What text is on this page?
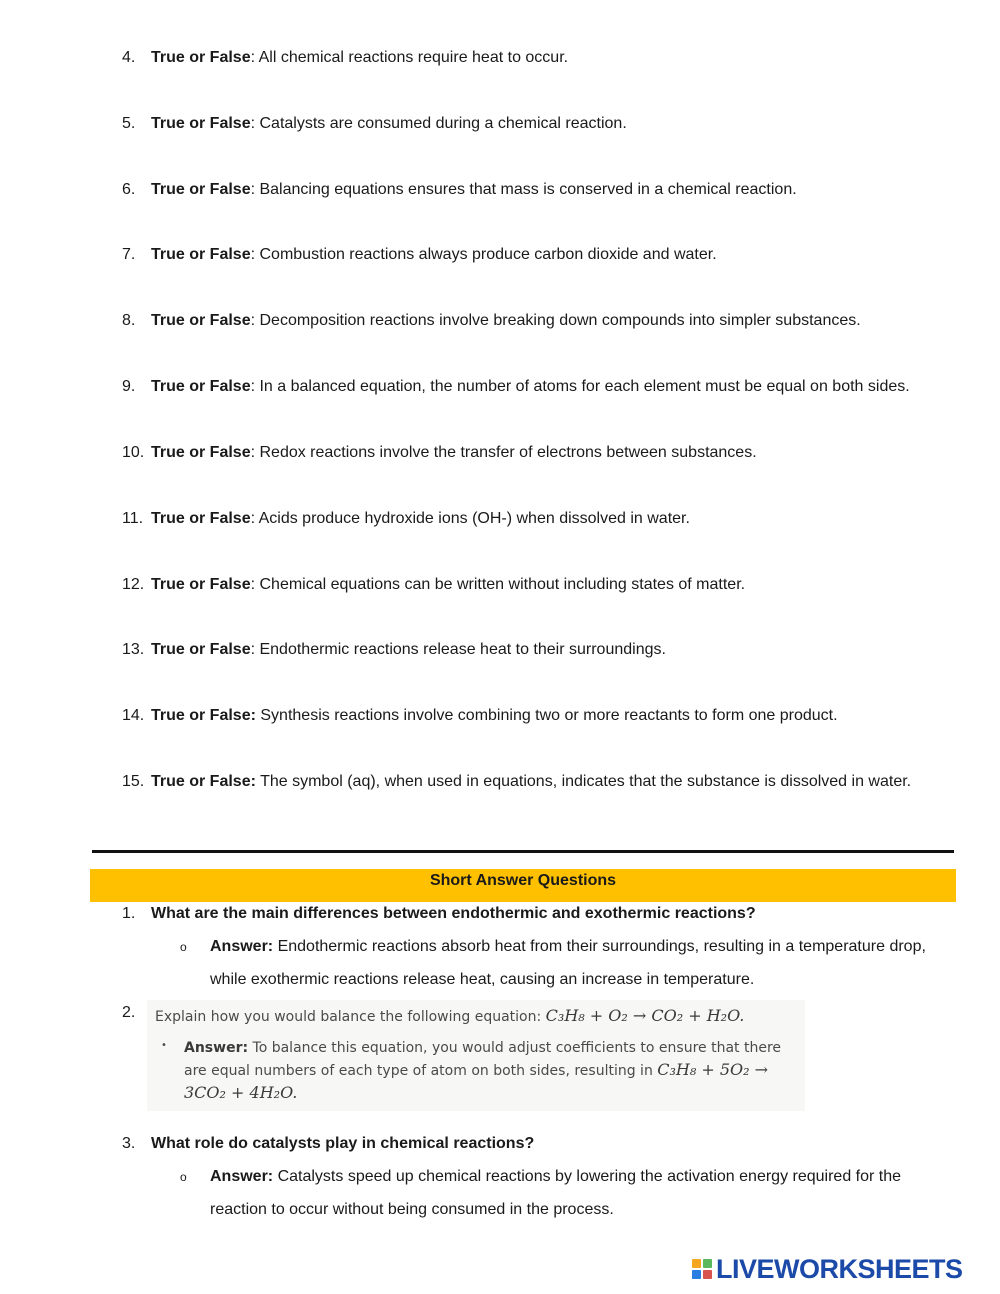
4. True or False: All chemical reactions require heat to occur.
5. True or False: Catalysts are consumed during a chemical reaction.
6. True or False: Balancing equations ensures that mass is conserved in a chemical reaction.
7. True or False: Combustion reactions always produce carbon dioxide and water.
8. True or False: Decomposition reactions involve breaking down compounds into simpler substances.
9. True or False: In a balanced equation, the number of atoms for each element must be equal on both sides.
10. True or False: Redox reactions involve the transfer of electrons between substances.
11. True or False: Acids produce hydroxide ions (OH-) when dissolved in water.
12. True or False: Chemical equations can be written without including states of matter.
13. True or False: Endothermic reactions release heat to their surroundings.
14. True or False: Synthesis reactions involve combining two or more reactants to form one product.
15. True or False: The symbol (aq), when used in equations, indicates that the substance is dissolved in water.
Short Answer Questions
1. What are the main differences between endothermic and exothermic reactions?
o Answer: Endothermic reactions absorb heat from their surroundings, resulting in a temperature drop,
while exothermic reactions release heat, causing an increase in temperature.
2.	Explain how you would balance the following equation: C₃H₈ + O₂ → CO₂ + H₂O.
• Answer: To balance this equation, you would adjust coefficients to ensure that there are equal numbers of each type of atom on both sides, resulting in C₃H₈ + 5O₂ → 3CO₂ + 4H₂O.
3. What role do catalysts play in chemical reactions?
o Answer: Catalysts speed up chemical reactions by lowering the activation energy required for the
reaction to occur without being consumed in the process.
LIVEWORKSHEETS
